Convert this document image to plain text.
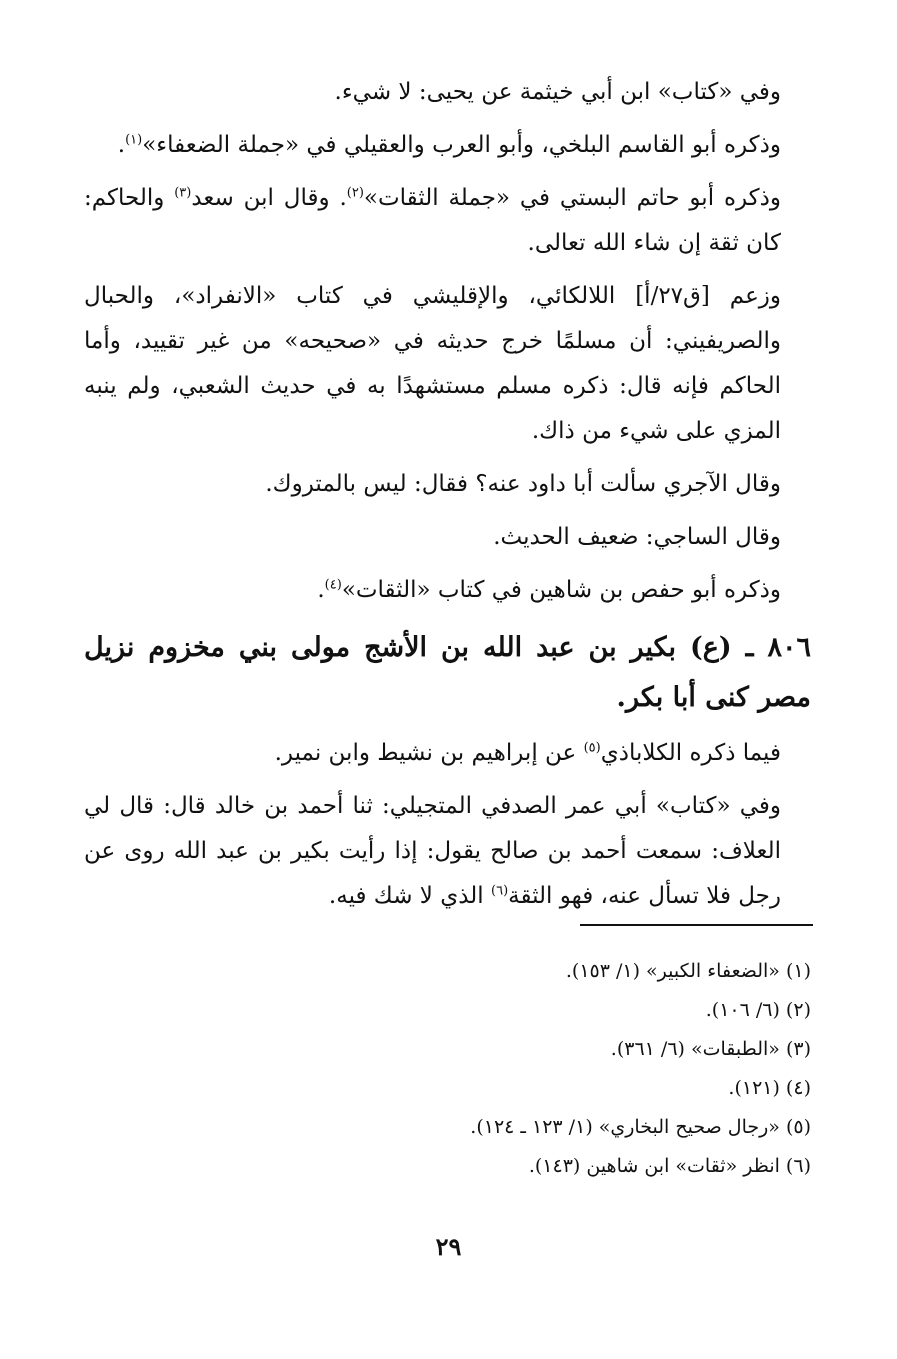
وفي «كتاب» ابن أبي خيثمة عن يحيى: لا شيء.

وذكره أبو القاسم البلخي، وأبو العرب والعقيلي في «جملة الضعفاء»$^{(١)}$.

وذكره أبو حاتم البستي في «جملة الثقات»$^{(٢)}$. وقال ابن سعد$^{(٣)}$ والحاكم: كان ثقة إن شاء الله تعالى.

وزعم [ق٢٧/أ] اللالكائي، والإقليشي في كتاب «الانفراد»، والحبال والصريفيني: أن مسلمًا خرج حديثه في «صحيحه» من غير تقييد، وأما الحاكم فإنه قال: ذكره مسلم مستشهدًا به في حديث الشعبي، ولم ينبه المزي على شيء من ذاك.

وقال الآجري سألت أبا داود عنه؟ فقال: ليس بالمتروك.

وقال الساجي: ضعيف الحديث.

وذكره أبو حفص بن شاهين في كتاب «الثقات»$^{(٤)}$.

٨٠٦ ـ (ع) بكير بن عبد الله بن الأشج مولى بني مخزوم نزيل مصر كنى أبا بكر.

فيما ذكره الكلاباذي$^{(٥)}$ عن إبراهيم بن نشيط وابن نمير.

وفي «كتاب» أبي عمر الصدفي المتجيلي: ثنا أحمد بن خالد قال: قال لي العلاف: سمعت أحمد بن صالح يقول: إذا رأيت بكير بن عبد الله روى عن رجل فلا تسأل عنه، فهو الثقة$^{(٦)}$ الذي لا شك فيه.

(١) «الضعفاء الكبير» (١/ ١٥٣).

(٢) (٦/ ١٠٦).

(٣) «الطبقات» (٦/ ٣٦١).

(٤) (١٢١).

(٥) «رجال صحيح البخاري» (١/ ١٢٣ ـ ١٢٤).

(٦) انظر «ثقات» ابن شاهين (١٤٣).

٢٩
